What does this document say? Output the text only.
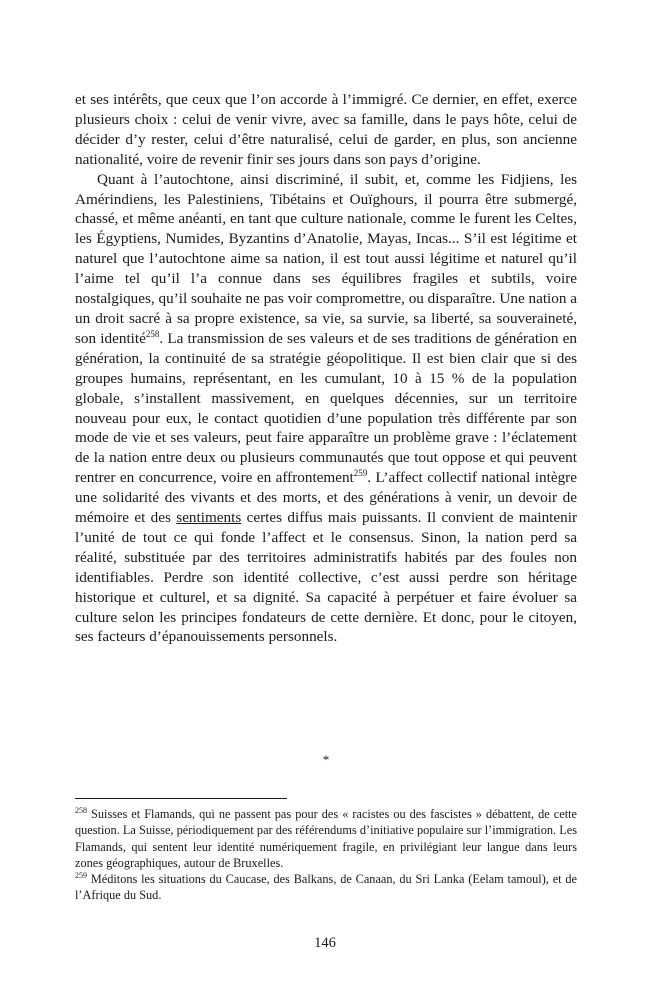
et ses intérêts, que ceux que l’on accorde à l’immigré. Ce dernier, en effet, exerce plusieurs choix : celui de venir vivre, avec sa famille, dans le pays hôte, celui de décider d’y rester, celui d’être naturalisé, celui de garder, en plus, son ancienne nationalité, voire de revenir finir ses jours dans son pays d’origine.

Quant à l’autochtone, ainsi discriminé, il subit, et, comme les Fidjiens, les Amérindiens, les Palestiniens, Tibétains et Ouïghours, il pourra être submergé, chassé, et même anéanti, en tant que culture nationale, comme le furent les Celtes, les Égyptiens, Numides, Byzantins d’Anatolie, Mayas, Incas... S’il est légitime et naturel que l’autochtone aime sa nation, il est tout aussi légitime et naturel qu’il l’aime tel qu’il l’a connue dans ses équilibres fragiles et subtils, voire nostalgiques, qu’il souhaite ne pas voir compromettre, ou disparaître. Une nation a un droit sacré à sa propre existence, sa vie, sa survie, sa liberté, sa souveraineté, son identité$^{258}$. La transmission de ses valeurs et de ses traditions de génération en génération, la continuité de sa stratégie géopolitique. Il est bien clair que si des groupes humains, représentant, en les cumulant, 10 à 15 % de la population globale, s’installent massivement, en quelques décennies, sur un territoire nouveau pour eux, le contact quotidien d’une population très différente par son mode de vie et ses valeurs, peut faire apparaître un problème grave : l’éclatement de la nation entre deux ou plusieurs communautés que tout oppose et qui peuvent rentrer en concurrence, voire en affrontement$^{259}$. L’affect collectif national intègre une solidarité des vivants et des morts, et des générations à venir, un devoir de mémoire et des sentiments certes diffus mais puissants. Il convient de maintenir l’unité de tout ce qui fonde l’affect et le consensus. Sinon, la nation perd sa réalité, substituée par des territoires administratifs habités par des foules non identifiables. Perdre son identité collective, c’est aussi perdre son héritage historique et culturel, et sa dignité. Sa capacité à perpétuer et faire évoluer sa culture selon les principes fondateurs de cette dernière. Et donc, pour le citoyen, ses facteurs d’épanouissements personnels.

*

$^{258}$ Suisses et Flamands, qui ne passent pas pour des « racistes ou des fascistes » débattent, de cette question. La Suisse, périodiquement par des référendums d’initiative populaire sur l’immigration. Les Flamands, qui sentent leur identité numériquement fragile, en privilégiant leur langue dans leurs zones géographiques, autour de Bruxelles.

$^{259}$ Méditons les situations du Caucase, des Balkans, de Canaan, du Sri Lanka (Eelam tamoul), et de l’Afrique du Sud.

146
